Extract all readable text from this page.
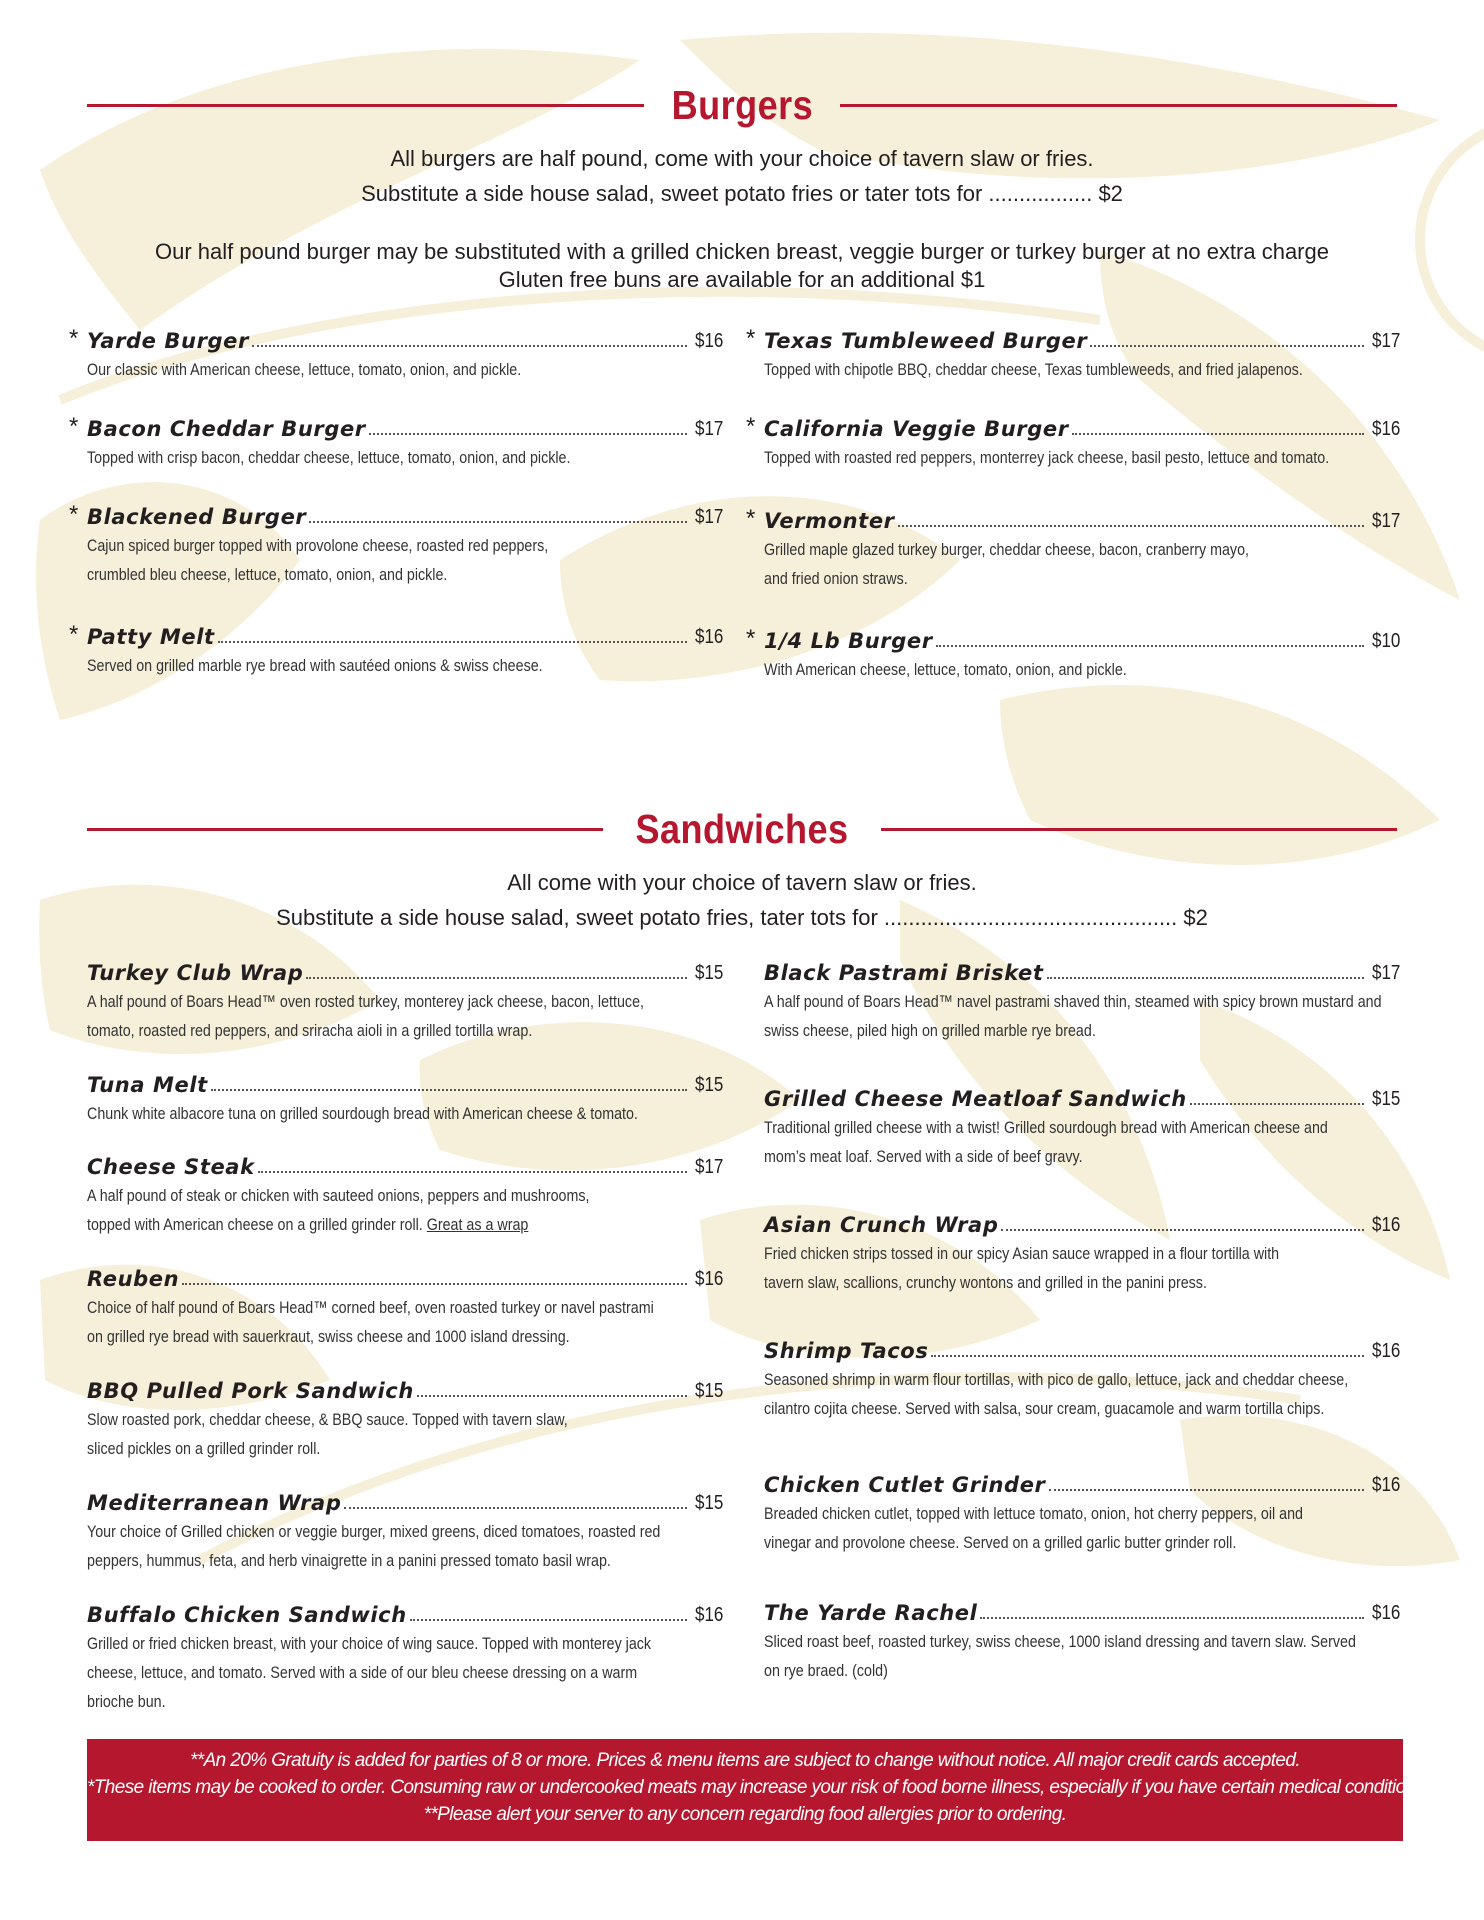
Burgers
All burgers are half pound, come with your choice of tavern slaw or fries.
Substitute a side house salad, sweet potato fries or tater tots for ................. $2
Our half pound burger may be substituted with a grilled chicken breast, veggie burger or turkey burger at no extra charge
Gluten free buns are available for an additional $1
* Yarde Burger	$16
Our classic with American cheese, lettuce, tomato, onion, and pickle.
* Bacon Cheddar Burger	$17
Topped with crisp bacon, cheddar cheese, lettuce, tomato, onion, and pickle.
* Blackened Burger	$17
Cajun spiced burger topped with provolone cheese, roasted red peppers,
crumbled bleu cheese, lettuce, tomato, onion, and pickle.
* Patty Melt	$16
Served on grilled marble rye bread with sautéed onions & swiss cheese.
* Texas Tumbleweed Burger	$17
Topped with chipotle BBQ, cheddar cheese, Texas tumbleweeds, and fried jalapenos.
* California Veggie Burger	$16
Topped with roasted red peppers, monterrey jack cheese, basil pesto, lettuce and tomato.
* Vermonter	$17
Grilled maple glazed turkey burger, cheddar cheese, bacon, cranberry mayo,
and fried onion straws.
* 1/4 Lb Burger	$10
With American cheese, lettuce, tomato, onion, and pickle.
Sandwiches
All come with your choice of tavern slaw or fries.
Substitute a side house salad, sweet potato fries, tater tots for ................................................ $2
Turkey Club Wrap	$15
A half pound of Boars Head™ oven rosted turkey, monterey jack cheese, bacon, lettuce,
tomato, roasted red peppers, and sriracha aioli in a grilled tortilla wrap.
Tuna Melt	$15
Chunk white albacore tuna on grilled sourdough bread with American cheese & tomato.
Cheese Steak	$17
A half pound of steak or chicken with sauteed onions, peppers and mushrooms,
topped with American cheese on a grilled grinder roll. Great as a wrap
Reuben	$16
Choice of half pound of Boars Head™ corned beef, oven roasted turkey or navel pastrami
on grilled rye bread with sauerkraut, swiss cheese and 1000 island dressing.
BBQ Pulled Pork Sandwich	$15
Slow roasted pork, cheddar cheese, & BBQ sauce. Topped with tavern slaw,
sliced pickles on a grilled grinder roll.
Mediterranean Wrap	$15
Your choice of Grilled chicken or veggie burger, mixed greens, diced tomatoes, roasted red
peppers, hummus, feta, and herb vinaigrette in a panini pressed tomato basil wrap.
Buffalo Chicken Sandwich	$16
Grilled or fried chicken breast, with your choice of wing sauce. Topped with monterey jack
cheese, lettuce, and tomato. Served with a side of our bleu cheese dressing on a warm
brioche bun.
Black Pastrami Brisket	$17
A half pound of Boars Head™ navel pastrami shaved thin, steamed with spicy brown mustard and
swiss cheese, piled high on grilled marble rye bread.
Grilled Cheese Meatloaf Sandwich	$15
Traditional grilled cheese with a twist! Grilled sourdough bread with American cheese and
mom’s meat loaf. Served with a side of beef gravy.
Asian Crunch Wrap	$16
Fried chicken strips tossed in our spicy Asian sauce wrapped in a flour tortilla with
tavern slaw, scallions, crunchy wontons and grilled in the panini press.
Shrimp Tacos	$16
Seasoned shrimp in warm flour tortillas, with pico de gallo, lettuce, jack and cheddar cheese,
cilantro cojita cheese. Served with salsa, sour cream, guacamole and warm tortilla chips.
Chicken Cutlet Grinder	$16
Breaded chicken cutlet, topped with lettuce tomato, onion, hot cherry peppers, oil and
vinegar and provolone cheese. Served on a grilled garlic butter grinder roll.
The Yarde Rachel	$16
Sliced roast beef, roasted turkey, swiss cheese, 1000 island dressing and tavern slaw. Served
on rye braed. (cold)
**An 20% Gratuity is added for parties of 8 or more. Prices & menu items are subject to change without notice. All major credit cards accepted.
*These items may be cooked to order. Consuming raw or undercooked meats may increase your risk of food borne illness, especially if you have certain medical conditions.
**Please alert your server to any concern regarding food allergies prior to ordering.
